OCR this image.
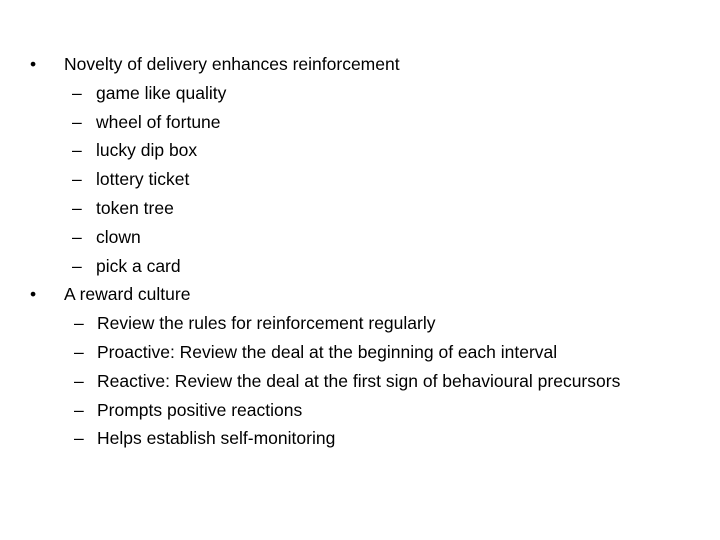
• Novelty of delivery enhances reinforcement
– game like quality
– wheel of fortune
– lucky dip box
– lottery ticket
– token tree
– clown
– pick a card
• A reward culture
– Review the rules for reinforcement regularly
– Proactive: Review the deal at the beginning of each interval
– Reactive: Review the deal at the first sign of behavioural precursors
– Prompts positive reactions
– Helps establish self-monitoring
